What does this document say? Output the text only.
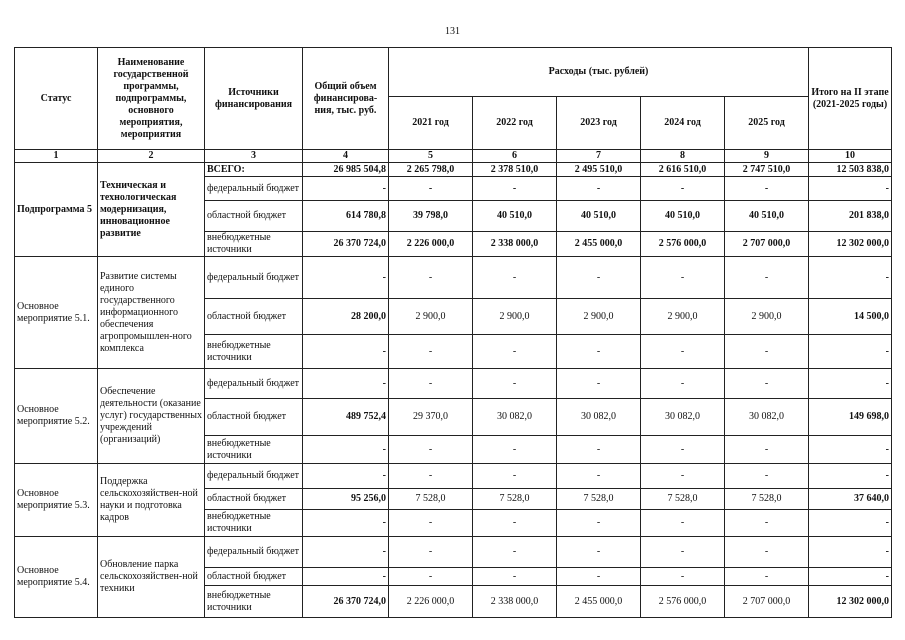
131
Статус	Наименование государственной программы, подпрограммы, основного мероприятия, мероприятия	Источники финансирования	Общий объем финансирова-ния, тыс. руб.	Расходы (тыс. рублей)					Итого на II этапе (2021-2025 годы)
				2021 год	2022 год	2023 год	2024 год	2025 год	
1	2	3	4	5	6	7	8	9	10
Подпрограмма 5	Техническая и технологическая модернизация, инновационное развитие	ВСЕГО:	26 985 504,8	2 265 798,0	2 378 510,0	2 495 510,0	2 616 510,0	2 747 510,0	12 503 838,0
		федеральный бюджет	-	-	-	-	-	-	-
		областной бюджет	614 780,8	39 798,0	40 510,0	40 510,0	40 510,0	40 510,0	201 838,0
		внебюджетные источники	26 370 724,0	2 226 000,0	2 338 000,0	2 455 000,0	2 576 000,0	2 707 000,0	12 302 000,0
Основное мероприятие 5.1.	Развитие системы единого государственного информационного обеспечения агропромышлен-ного комплекса	федеральный бюджет	-	-	-	-	-	-	-
		областной бюджет	28 200,0	2 900,0	2 900,0	2 900,0	2 900,0	2 900,0	14 500,0
		внебюджетные источники	-	-	-	-	-	-	-
Основное мероприятие 5.2.	Обеспечение деятельности (оказание услуг) государственных учреждений (организаций)	федеральный бюджет	-	-	-	-	-	-	-
		областной бюджет	489 752,4	29 370,0	30 082,0	30 082,0	30 082,0	30 082,0	149 698,0
		внебюджетные источники	-	-	-	-	-	-	-
Основное мероприятие 5.3.	Поддержка сельскохозяйствен-ной науки и подготовка кадров	федеральный бюджет	-	-	-	-	-	-	-
		областной бюджет	95 256,0	7 528,0	7 528,0	7 528,0	7 528,0	7 528,0	37 640,0
		внебюджетные источники	-	-	-	-	-	-	-
Основное мероприятие 5.4.	Обновление парка сельскохозяйствен-ной техники	федеральный бюджет	-	-	-	-	-	-	-
		областной бюджет	-	-	-	-	-	-	-
		внебюджетные источники	26 370 724,0	2 226 000,0	2 338 000,0	2 455 000,0	2 576 000,0	2 707 000,0	12 302 000,0
